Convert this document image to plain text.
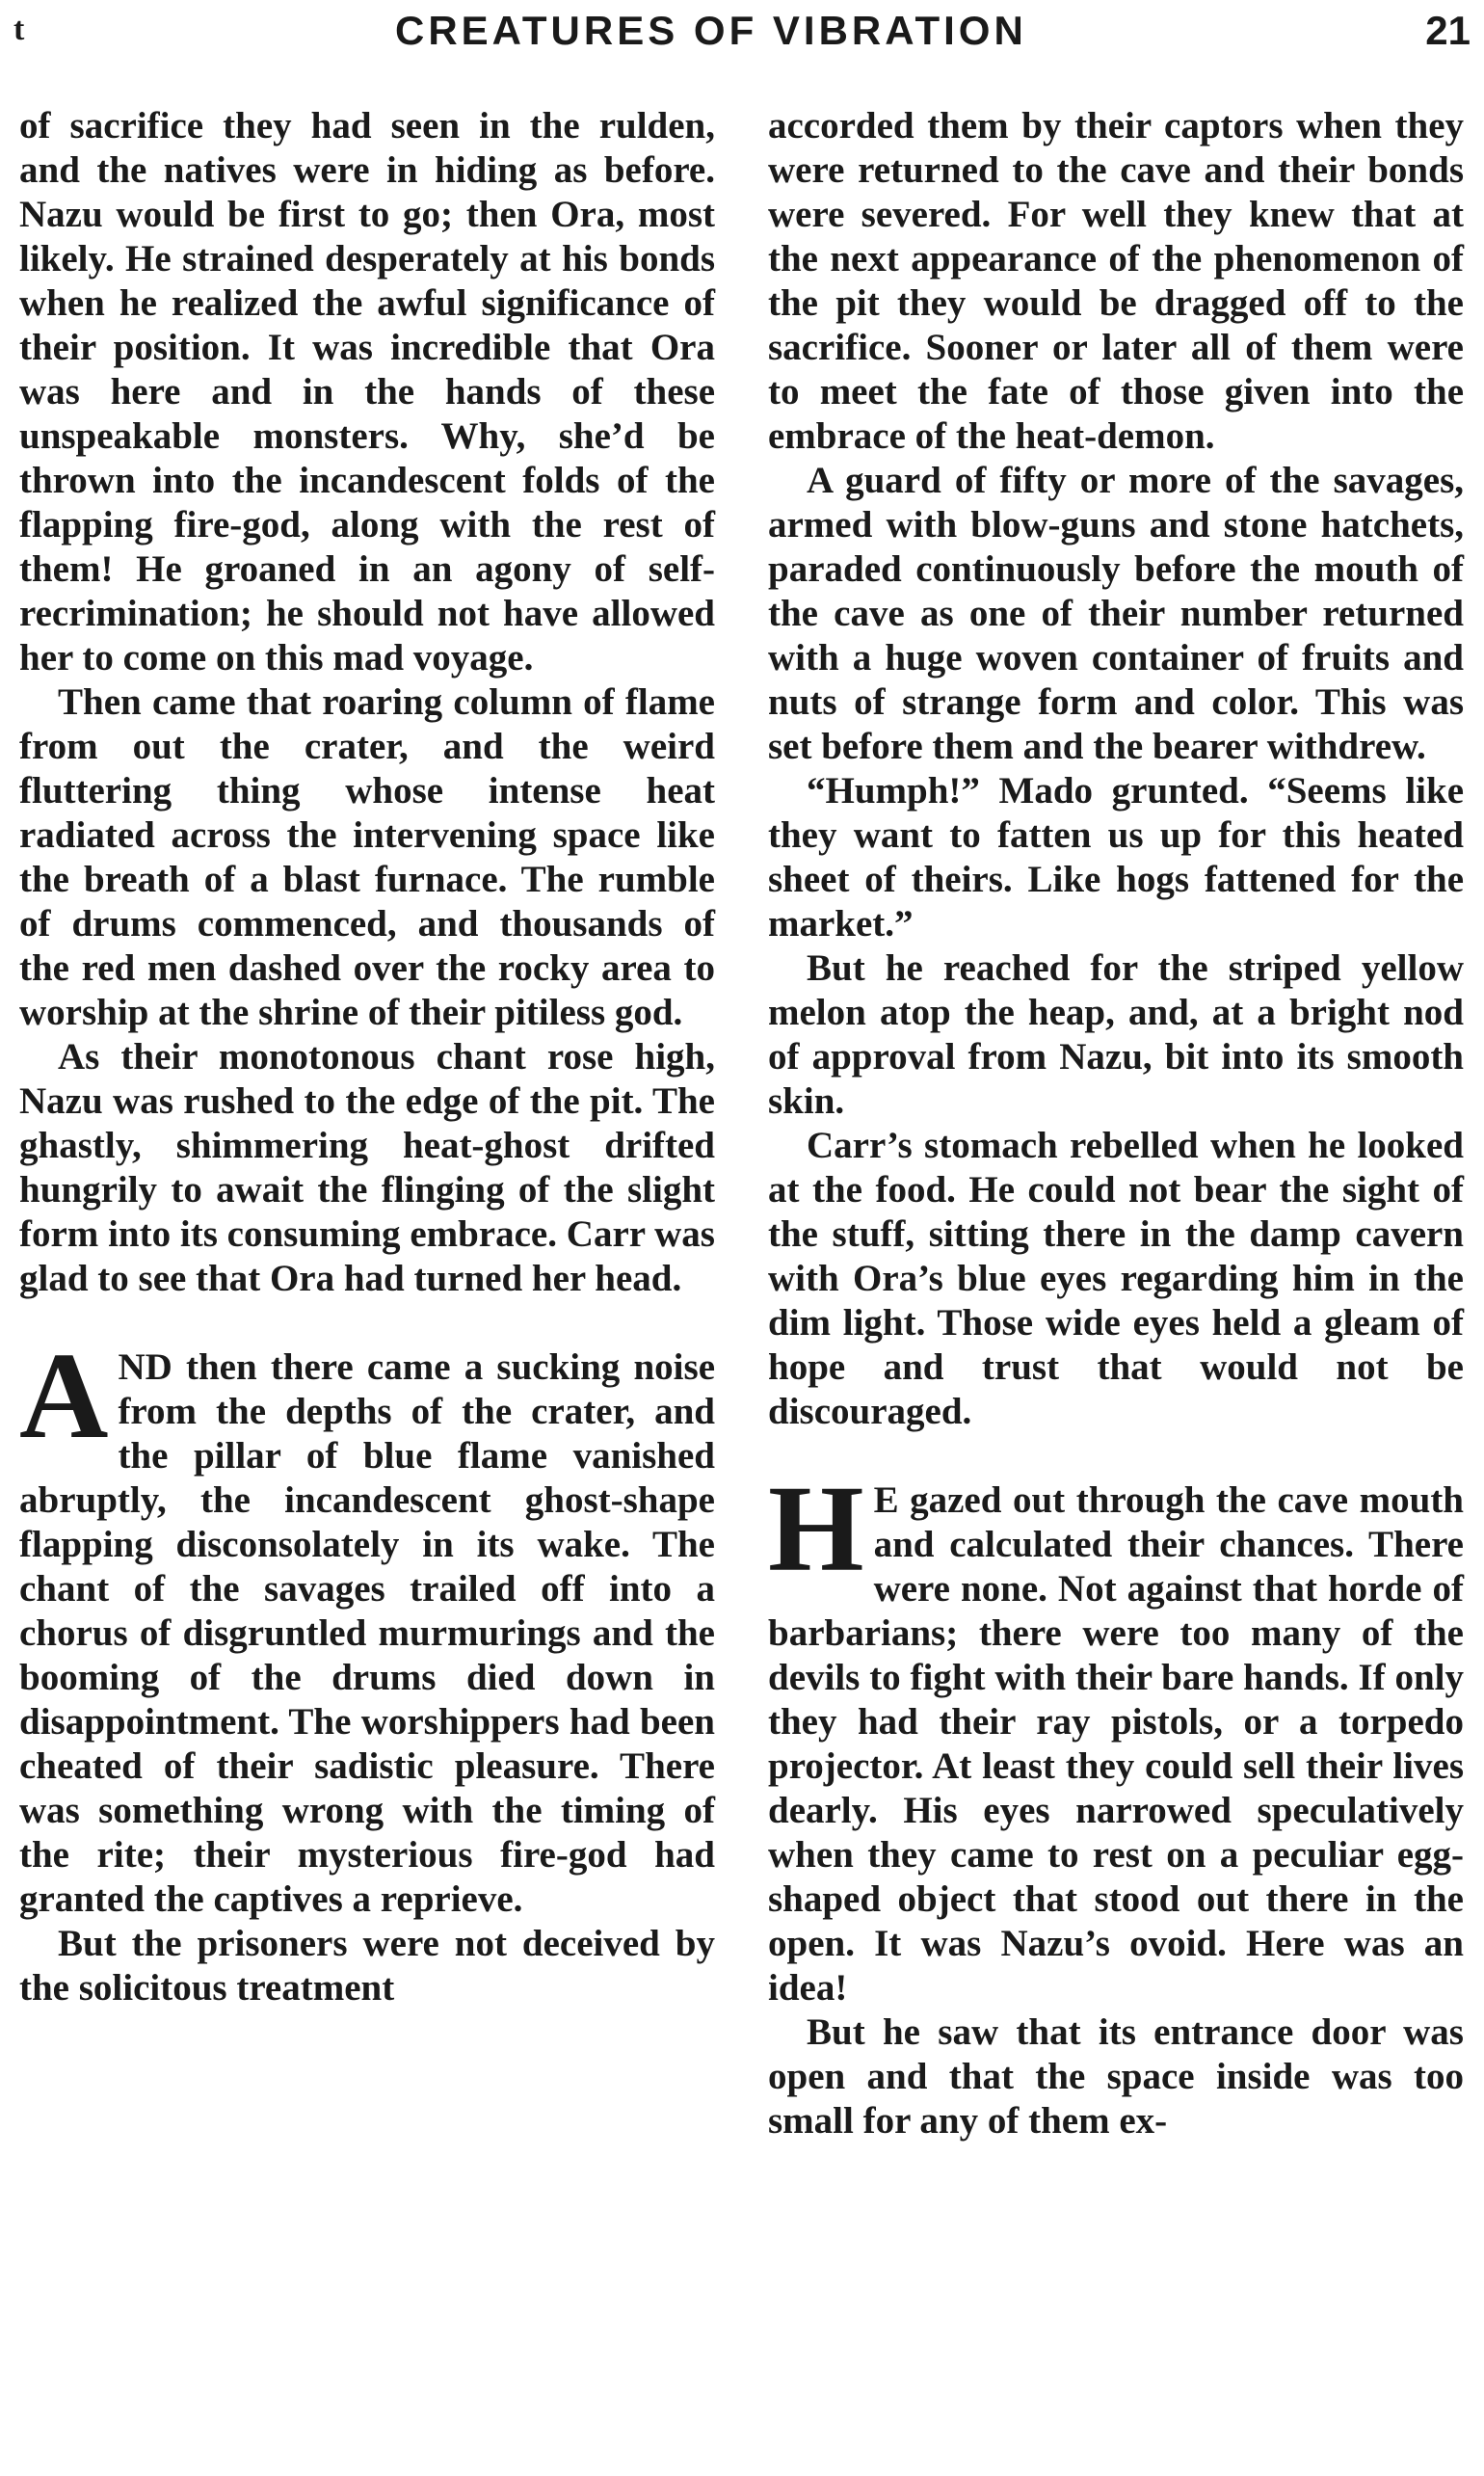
t	CREATURES OF VIBRATION	21

of sacrifice they had seen in the rulden, and the natives were in hiding as before. Nazu would be first to go; then Ora, most likely. He strained desperately at his bonds when he realized the awful significance of their position. It was incredible that Ora was here and in the hands of these unspeakable monsters. Why, she’d be thrown into the incandescent folds of the flapping fire-god, along with the rest of them! He groaned in an agony of self-recrimination; he should not have allowed her to come on this mad voyage.

Then came that roaring column of flame from out the crater, and the weird fluttering thing whose intense heat radiated across the intervening space like the breath of a blast furnace. The rumble of drums commenced, and thousands of the red men dashed over the rocky area to worship at the shrine of their pitiless god.

As their monotonous chant rose high, Nazu was rushed to the edge of the pit. The ghastly, shimmering heat-ghost drifted hungrily to await the flinging of the slight form into its consuming embrace. Carr was glad to see that Ora had turned her head.

AND then there came a sucking noise from the depths of the crater, and the pillar of blue flame vanished abruptly, the incandescent ghost-shape flapping disconsolately in its wake. The chant of the savages trailed off into a chorus of disgruntled murmurings and the booming of the drums died down in disappointment. The worshippers had been cheated of their sadistic pleasure. There was something wrong with the timing of the rite; their mysterious fire-god had granted the captives a reprieve.

But the prisoners were not deceived by the solicitous treatment

accorded them by their captors when they were returned to the cave and their bonds were severed. For well they knew that at the next appearance of the phenomenon of the pit they would be dragged off to the sacrifice. Sooner or later all of them were to meet the fate of those given into the embrace of the heat-demon.

A guard of fifty or more of the savages, armed with blow-guns and stone hatchets, paraded continuously before the mouth of the cave as one of their number returned with a huge woven container of fruits and nuts of strange form and color. This was set before them and the bearer withdrew.

“Humph!” Mado grunted. “Seems like they want to fatten us up for this heated sheet of theirs. Like hogs fattened for the market.”

But he reached for the striped yellow melon atop the heap, and, at a bright nod of approval from Nazu, bit into its smooth skin.

Carr’s stomach rebelled when he looked at the food. He could not bear the sight of the stuff, sitting there in the damp cavern with Ora’s blue eyes regarding him in the dim light. Those wide eyes held a gleam of hope and trust that would not be discouraged.

H E gazed out through the cave mouth and calculated their chances. There were none. Not against that horde of barbarians; there were too many of the devils to fight with their bare hands. If only they had their ray pistols, or a torpedo projector. At least they could sell their lives dearly. His eyes narrowed speculatively when they came to rest on a peculiar egg-shaped object that stood out there in the open. It was Nazu’s ovoid. Here was an idea!

But he saw that its entrance door was open and that the space inside was too small for any of them ex-
